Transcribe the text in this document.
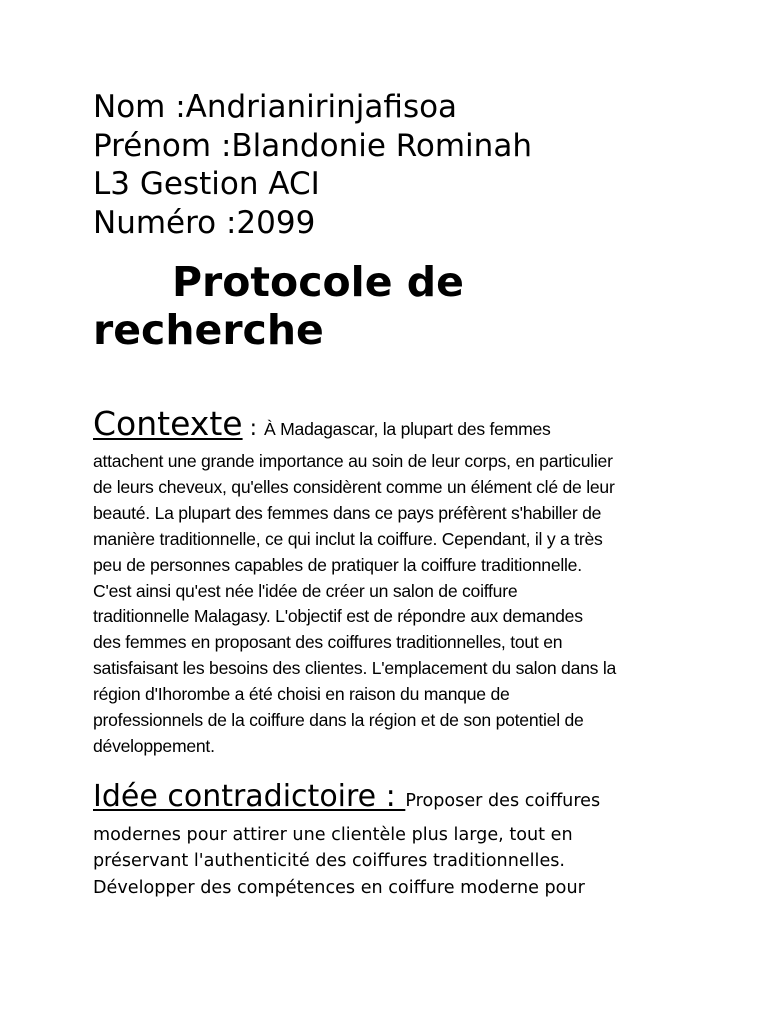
Nom :Andrianirinjafisoa
Prénom :Blandonie Rominah
L3 Gestion ACI
Numéro :2099
Protocole de recherche
Contexte : À Madagascar, la plupart des femmes
attachent une grande importance au soin de leur corps, en particulier
de leurs cheveux, qu'elles considèrent comme un élément clé de leur
beauté. La plupart des femmes dans ce pays préfèrent s'habiller de
manière traditionnelle, ce qui inclut la coiffure. Cependant, il y a très
peu de personnes capables de pratiquer la coiffure traditionnelle.
C'est ainsi qu'est née l'idée de créer un salon de coiffure
traditionnelle Malagasy. L'objectif est de répondre aux demandes
des femmes en proposant des coiffures traditionnelles, tout en
satisfaisant les besoins des clientes. L'emplacement du salon dans la
région d'Ihorombe a été choisi en raison du manque de
professionnels de la coiffure dans la région et de son potentiel de
développement.
Idée contradictoire : Proposer des coiffures
modernes pour attirer une clientèle plus large, tout en
préservant l'authenticité des coiffures traditionnelles.
Développer des compétences en coiffure moderne pour
